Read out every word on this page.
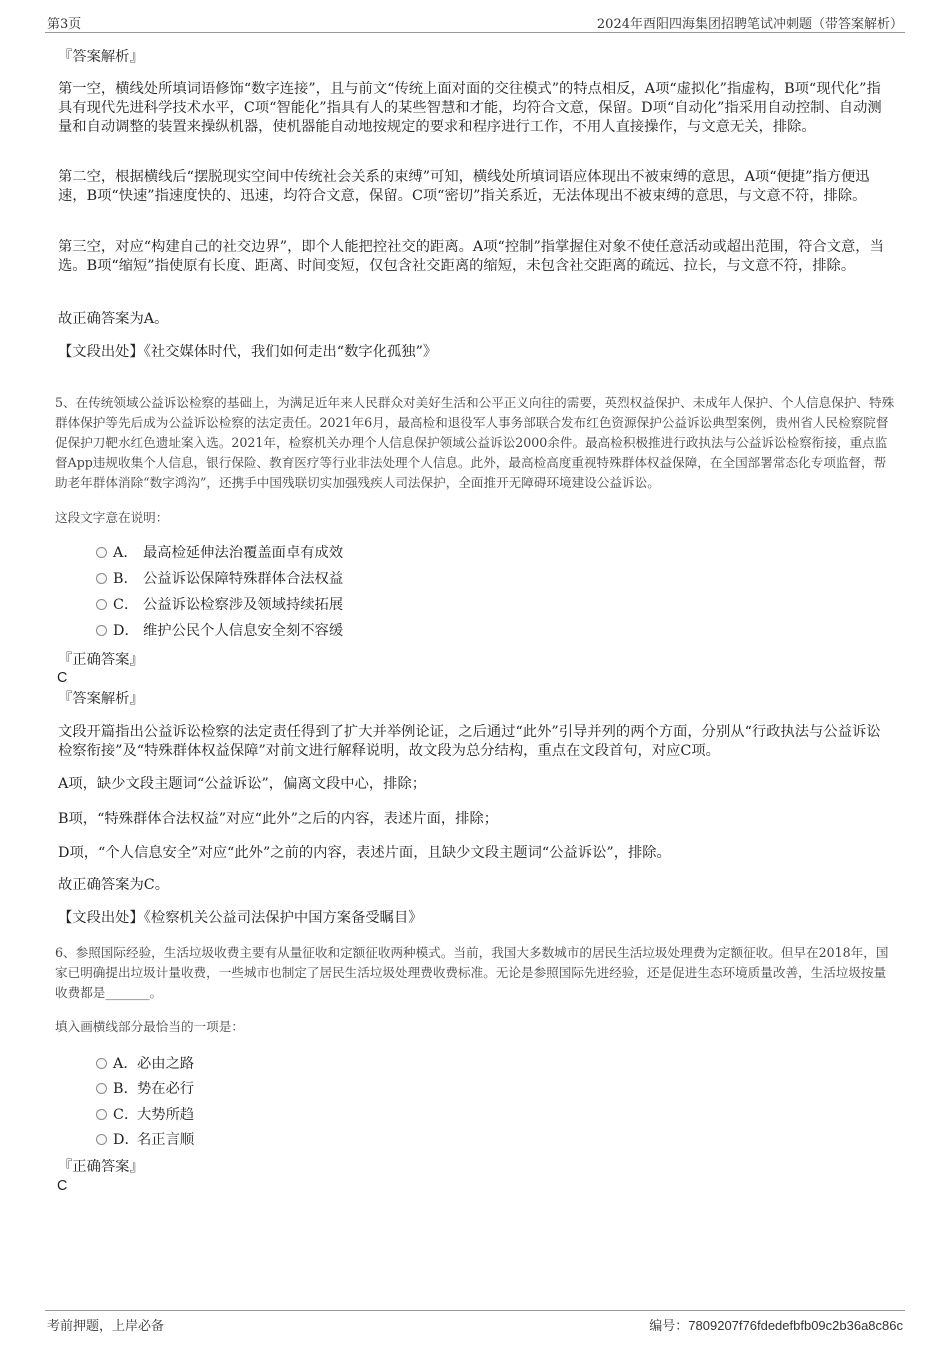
第3页	2024年酉阳四海集团招聘笔试冲刺题（带答案解析）
『答案解析』

第一空，横线处所填词语修饰“数字连接”，且与前文“传统上面对面的交往模式”的特点相反，A项“虚拟化”指虚构，B项“现代化”指具有现代先进科学技术水平，C项“智能化”指具有人的某些智慧和才能，均符合文意，保留。D项“自动化”指采用自动控制、自动测量和自动调整的装置来操纵机器，使机器能自动地按规定的要求和程序进行工作，不用人直接操作，与文意无关，排除。

第二空，根据横线后“摆脱现实空间中传统社会关系的束缚”可知，横线处所填词语应体现出不被束缚的意思，A项“便捷”指方便迅速，B项“快速”指速度快的、迅速，均符合文意，保留。C项“密切”指关系近，无法体现出不被束缚的意思，与文意不符，排除。

第三空，对应“构建自己的社交边界”，即个人能把控社交的距离。A项“控制”指掌握住对象不使任意活动或超出范围，符合文意，当选。B项“缩短”指使原有长度、距离、时间变短，仅包含社交距离的缩短，未包含社交距离的疏远、拉长，与文意不符，排除。

故正确答案为A。

【文段出处】《社交媒体时代，我们如何走出“数字化孤独”》

5、在传统领域公益诉讼检察的基础上，为满足近年来人民群众对美好生活和公平正义向往的需要，英烈权益保护、未成年人保护、个人信息保护、特殊群体保护等先后成为公益诉讼检察的法定责任。2021年6月，最高检和退役军人事务部联合发布红色资源保护公益诉讼典型案例，贵州省人民检察院督促保护刀靶水红色遗址案入选。2021年，检察机关办理个人信息保护领域公益诉讼2000余件。最高检积极推进行政执法与公益诉讼检察衔接，重点监督App违规收集个人信息，银行保险、教育医疗等行业非法处理个人信息。此外，最高检高度重视特殊群体权益保障，在全国部署常态化专项监督，帮助老年群体消除“数字鸿沟”，还携手中国残联切实加强残疾人司法保护，全面推开无障碍环境建设公益诉讼。

这段文字意在说明：

A． 最高检延伸法治覆盖面卓有成效
B． 公益诉讼保障特殊群体合法权益
C． 公益诉讼检察涉及领域持续拓展
D． 维护公民个人信息安全刻不容缓
『正确答案』
C
『答案解析』

文段开篇指出公益诉讼检察的法定责任得到了扩大并举例论证，之后通过“此外”引导并列的两个方面，分别从“行政执法与公益诉讼检察衔接”及“特殊群体权益保障”对前文进行解释说明，故文段为总分结构，重点在文段首句，对应C项。

A项，缺少文段主题词“公益诉讼”，偏离文段中心，排除；

B项，“特殊群体合法权益”对应“此外”之后的内容，表述片面，排除；

D项，“个人信息安全”对应“此外”之前的内容，表述片面，且缺少文段主题词“公益诉讼”，排除。

故正确答案为C。

【文段出处】《检察机关公益司法保护中国方案备受瞩目》

6、参照国际经验，生活垃圾收费主要有从量征收和定额征收两种模式。当前，我国大多数城市的居民生活垃圾处理费为定额征收。但早在2018年，国家已明确提出垃圾计量收费，一些城市也制定了居民生活垃圾处理费收费标准。无论是参照国际先进经验，还是促进生态环境质量改善，生活垃圾按量收费都是_______。

填入画横线部分最恰当的一项是：

A．必由之路
B．势在必行
C．大势所趋
D．名正言顺
『正确答案』
C
考前押题，上岸必备	编号：7809207f76fdedefbfb09c2b36a8c86c
